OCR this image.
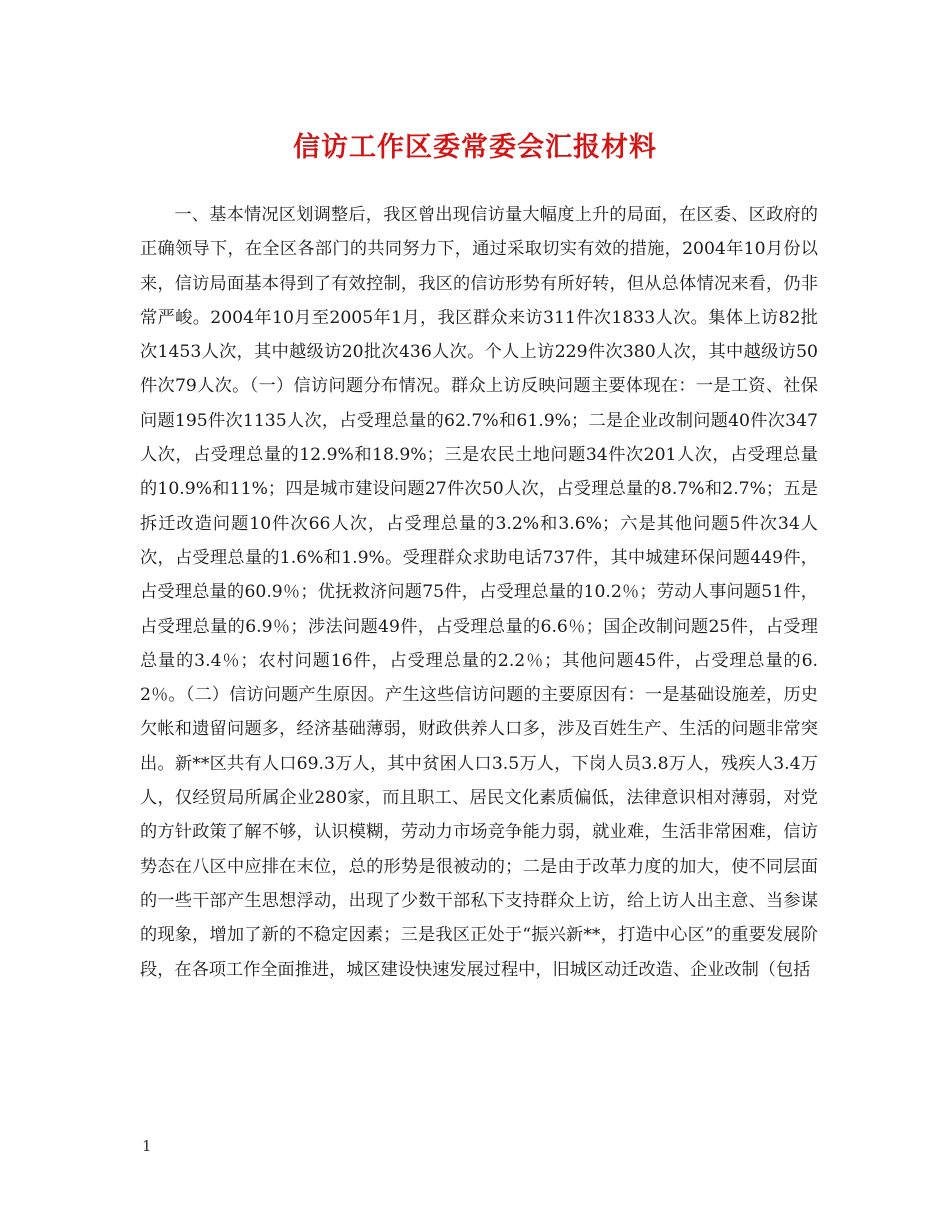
信访工作区委常委会汇报材料

一、基本情况区划调整后，我区曾出现信访量大幅度上升的局面，在区委、区政府的正确领导下，在全区各部门的共同努力下，通过采取切实有效的措施，2004年10月份以来，信访局面基本得到了有效控制，我区的信访形势有所好转，但从总体情况来看，仍非常严峻。2004年10月至2005年1月，我区群众来访311件次1833人次。集体上访82批次1453人次，其中越级访20批次436人次。个人上访229件次380人次，其中越级访50件次79人次。（一）信访问题分布情况。群众上访反映问题主要体现在：一是工资、社保问题195件次1135人次，占受理总量的62.7%和61.9%；二是企业改制问题40件次347人次，占受理总量的12.9%和18.9%；三是农民土地问题34件次201人次，占受理总量的10.9%和11%；四是城市建设问题27件次50人次，占受理总量的8.7%和2.7%；五是拆迁改造问题10件次66人次，占受理总量的3.2%和3.6%；六是其他问题5件次34人次，占受理总量的1.6%和1.9%。受理群众求助电话737件，其中城建环保问题449件，占受理总量的60.9％；优抚救济问题75件，占受理总量的10.2％；劳动人事问题51件，占受理总量的6.9％；涉法问题49件，占受理总量的6.6％；国企改制问题25件，占受理总量的3.4％；农村问题16件，占受理总量的2.2％；其他问题45件，占受理总量的6.2％。（二）信访问题产生原因。产生这些信访问题的主要原因有：一是基础设施差，历史欠帐和遗留问题多，经济基础薄弱，财政供养人口多，涉及百姓生产、生活的问题非常突出。新**区共有人口69.3万人，其中贫困人口3.5万人，下岗人员3.8万人，残疾人3.4万人，仅经贸局所属企业280家，而且职工、居民文化素质偏低，法律意识相对薄弱，对党的方针政策了解不够，认识模糊，劳动力市场竞争能力弱，就业难，生活非常困难，信访势态在八区中应排在末位，总的形势是很被动的；二是由于改革力度的加大，使不同层面的一些干部产生思想浮动，出现了少数干部私下支持群众上访，给上访人出主意、当参谋的现象，增加了新的不稳定因素；三是我区正处于“振兴新**，打造中心区”的重要发展阶段，在各项工作全面推进，城区建设快速发展过程中，旧城区动迁改造、企业改制（包括

1
